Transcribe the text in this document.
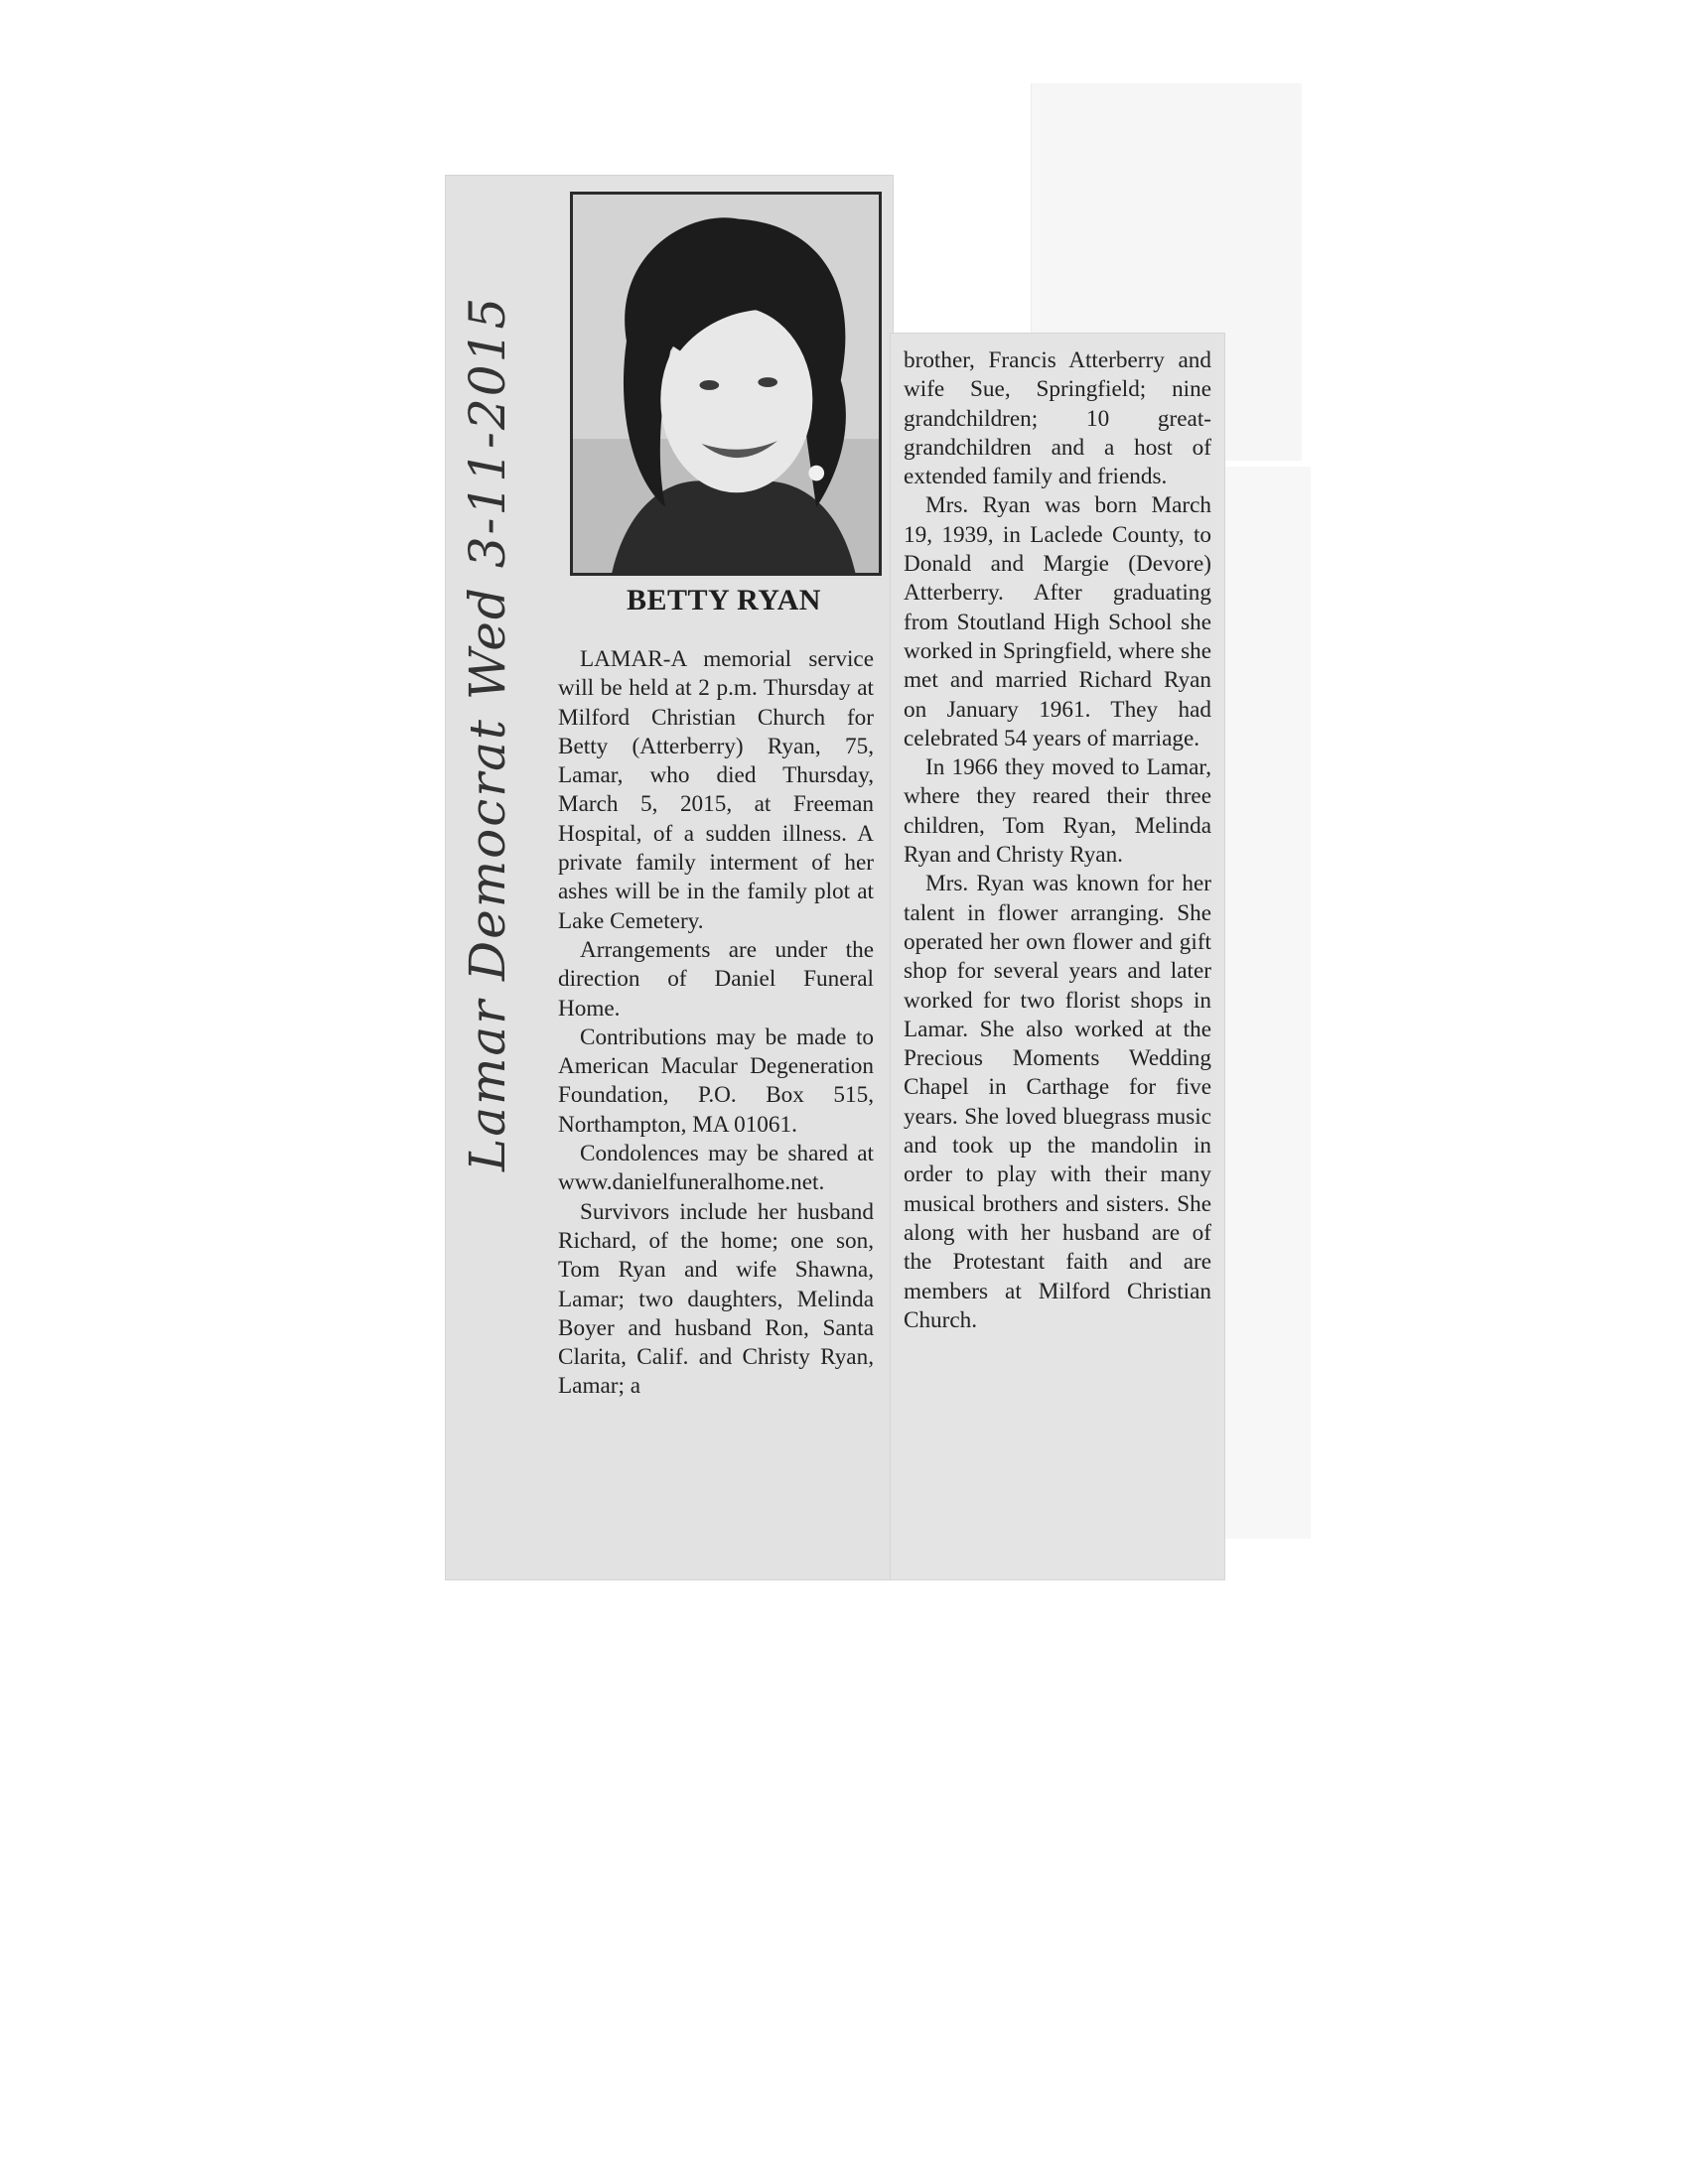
BETTY RYAN

LAMAR-A memorial service will be held at 2 p.m. Thursday at Milford Christian Church for Betty (Atterberry) Ryan, 75, Lamar, who died Thursday, March 5, 2015, at Freeman Hospital, of a sudden illness. A private family interment of her ashes will be in the family plot at Lake Cemetery.

Arrangements are under the direction of Daniel Funeral Home.

Contributions may be made to American Macular Degeneration Foundation, P.O. Box 515, Northampton, MA 01061.

Condolences may be shared at www.danielfuneralhome.net.

Survivors include her husband Richard, of the home; one son, Tom Ryan and wife Shawna, Lamar; two daughters, Melinda Boyer and husband Ron, Santa Clarita, Calif. and Christy Ryan, Lamar; a

brother, Francis Atterberry and wife Sue, Springfield; nine grandchildren; 10 great-grandchildren and a host of extended family and friends.

Mrs. Ryan was born March 19, 1939, in Laclede County, to Donald and Margie (Devore) Atterberry. After graduating from Stoutland High School she worked in Springfield, where she met and married Richard Ryan on January 1961. They had celebrated 54 years of marriage.

In 1966 they moved to Lamar, where they reared their three children, Tom Ryan, Melinda Ryan and Christy Ryan.

Mrs. Ryan was known for her talent in flower arranging. She operated her own flower and gift shop for several years and later worked for two florist shops in Lamar. She also worked at the Precious Moments Wedding Chapel in Carthage for five years. She loved bluegrass music and took up the mandolin in order to play with their many musical brothers and sisters. She along with her husband are of the Protestant faith and are members at Milford Christian Church.

Lamar Democrat Wed 3-11-2015
